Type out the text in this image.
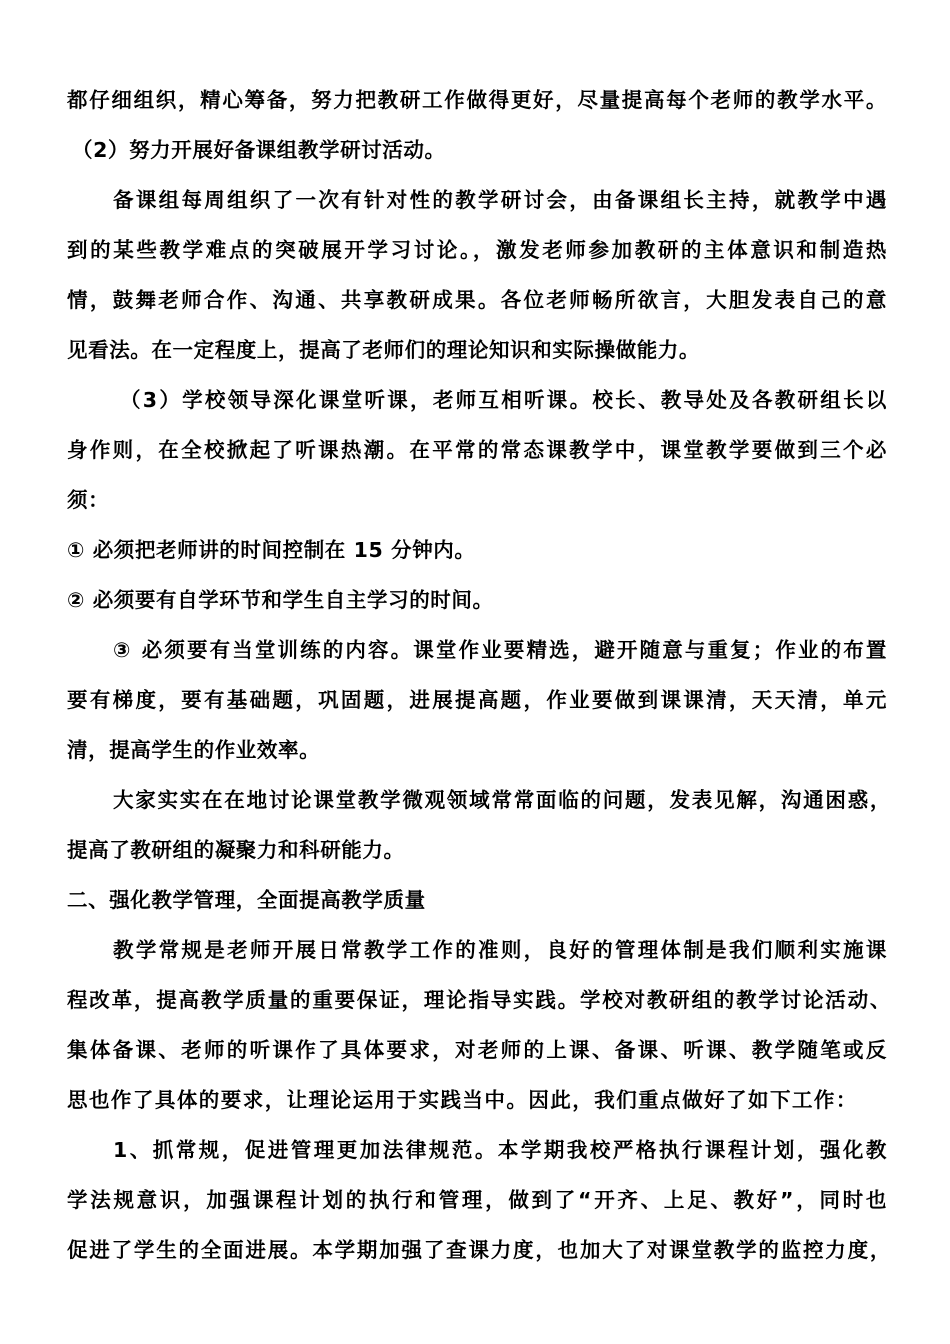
都仔细组织，精心筹备，努力把教研工作做得更好，尽量提高每个老师的教学水平。
（2）努力开展好备课组教学研讨活动。
备课组每周组织了一次有针对性的教学研讨会，由备课组长主持，就教学中遇
到的某些教学难点的突破展开学习讨论。，激发老师参加教研的主体意识和制造热
情，鼓舞老师合作、沟通、共享教研成果。各位老师畅所欲言，大胆发表自己的意
见看法。在一定程度上，提高了老师们的理论知识和实际操做能力。
（3）学校领导深化课堂听课，老师互相听课。校长、教导处及各教研组长以
身作则，在全校掀起了听课热潮。在平常的常态课教学中，课堂教学要做到三个必
须：
① 必须把老师讲的时间控制在 15 分钟内。
② 必须要有自学环节和学生自主学习的时间。
③ 必须要有当堂训练的内容。课堂作业要精选，避开随意与重复；作业的布置
要有梯度，要有基础题，巩固题，进展提高题，作业要做到课课清，天天清，单元
清，提高学生的作业效率。
大家实实在在地讨论课堂教学微观领域常常面临的问题，发表见解，沟通困惑，
提高了教研组的凝聚力和科研能力。
二、强化教学管理，全面提高教学质量
教学常规是老师开展日常教学工作的准则，良好的管理体制是我们顺利实施课
程改革，提高教学质量的重要保证，理论指导实践。学校对教研组的教学讨论活动、
集体备课、老师的听课作了具体要求，对老师的上课、备课、听课、教学随笔或反
思也作了具体的要求，让理论运用于实践当中。因此，我们重点做好了如下工作：
1、抓常规，促进管理更加法律规范。本学期我校严格执行课程计划，强化教
学法规意识，加强课程计划的执行和管理，做到了“开齐、上足、教好”，同时也
促进了学生的全面进展。本学期加强了查课力度，也加大了对课堂教学的监控力度，
